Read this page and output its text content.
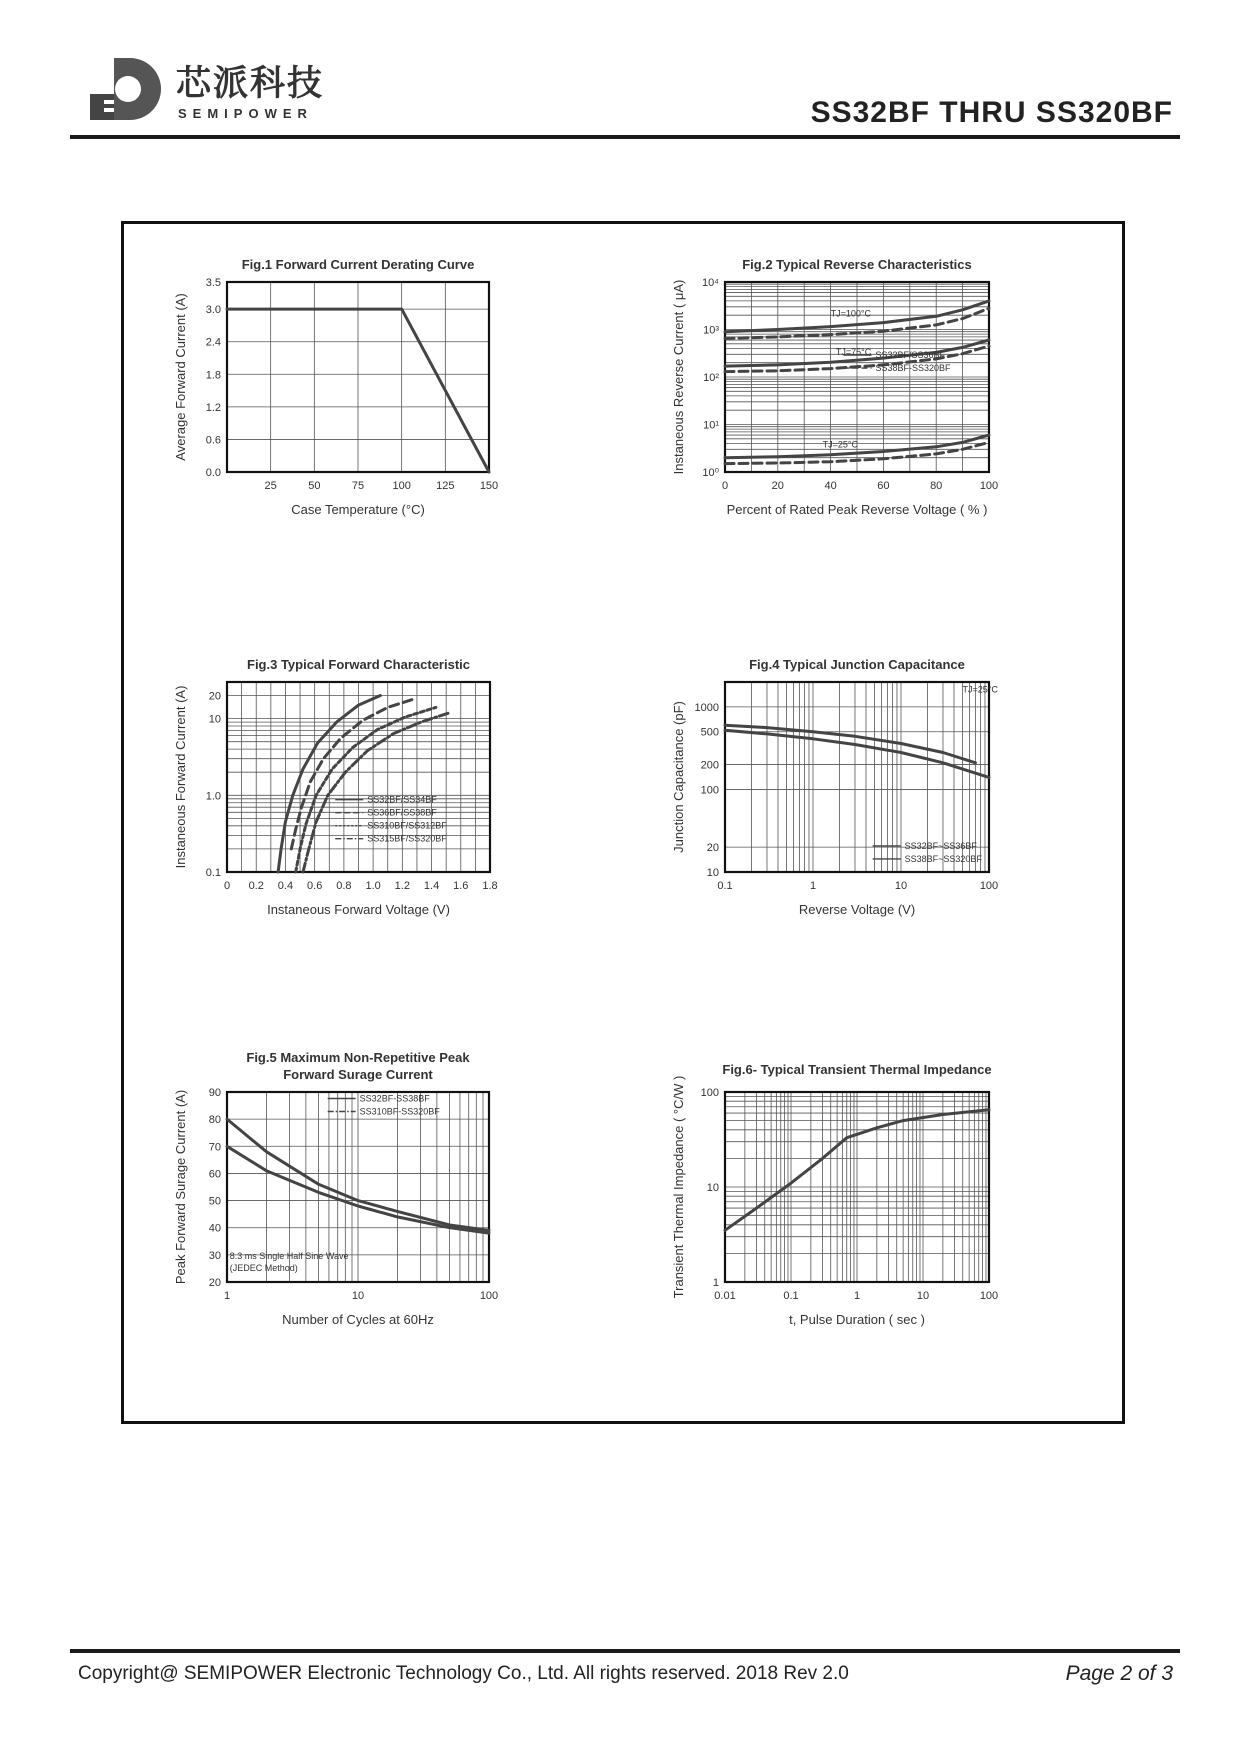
芯派科技
SEMIPOWER	SS32BF THRU SS320BF
Fig.1 Forward Current Derating Curve
25	50	75	100 125 150
0.0
0.6
1.2
1.8
2.4
3.0
3.5
Case Temperature (°C)
Average Forward Current (A)
Fig.2 Typical Reverse Characteristics
0	20	40	60	80	100
10⁰
10¹
10²
10³
10⁴
Percent of Rated Peak Reverse Voltage ( % )
Instaneous Reverse Current ( μA)	TJ=100°C
TJ=75°C
TJ=25°C
SS32BF/SS36BF
SS38BF-SS320BF
Fig.3 Typical Forward Characteristic
0 0.2 0.4 0.6 0.8 1.0 1.2 1.4 1.6 1.8
0.1
1.0
10
20
Instaneous Forward Voltage (V)
Instaneous Forward Current (A)	SS32BF/SS34BF
SS36BF/SS38BF
SS310BF/SS312BF
SS315BF/SS320BF
Fig.4 Typical Junction Capacitance
0.1	1	10	100
10
20
100
200
500
1000
Reverse Voltage (V)
Junction Capacitance (pF)
TJ=25°C
SS32BF~SS36BF
SS38BF~SS320BF
Fig.5 Maximum Non-Repetitive Peak
Forward Surage Current
1	10	100
20
30
40
50
60
70
80
90
Number of Cycles at 60Hz
Peak Forward Surage Current (A)	8.3 ms Single Half Sine Wave
(JEDEC Method)
SS32BF-SS38BF
SS310BF-SS320BF
Fig.6- Typical Transient Thermal Impedance
0.01	0.1	1	10	100
1
10
100
t, Pulse Duration ( sec )
Transient Thermal Impedance ( °C/W )
Copyright@ SEMIPOWER Electronic Technology Co., Ltd. All rights reserved. 2018 Rev 2.0	Page 2 of 3
